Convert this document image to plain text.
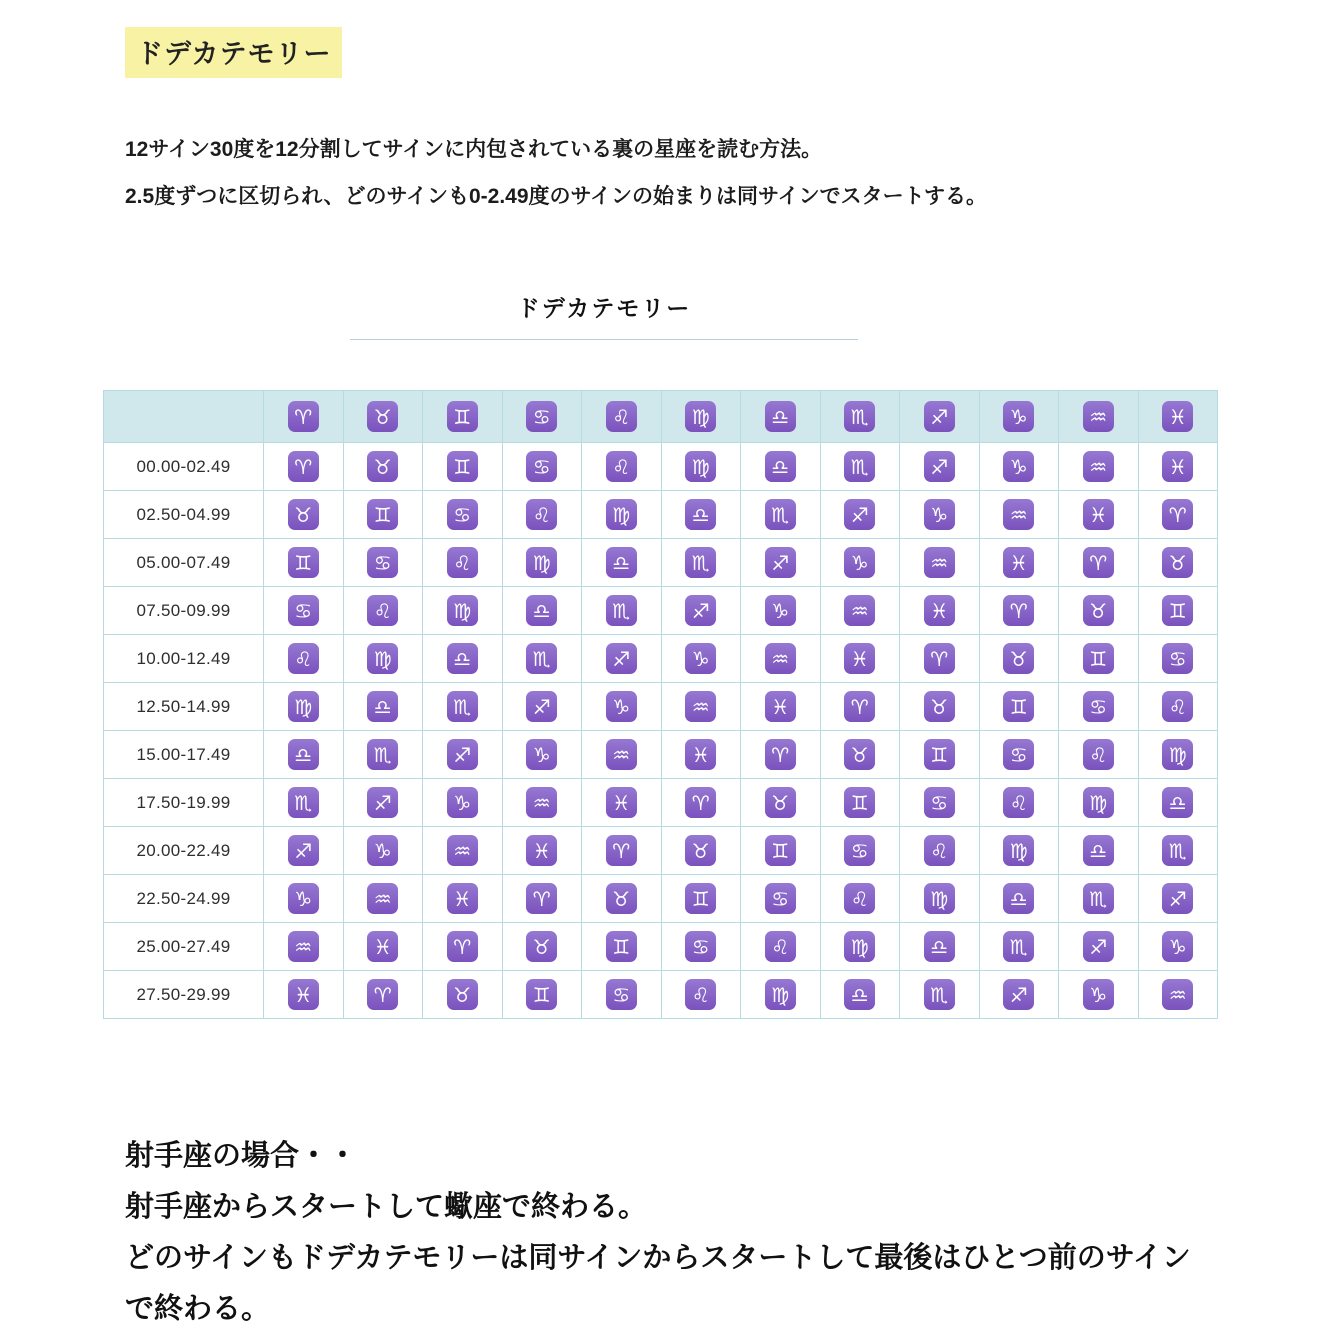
ドデカテモリー
12サイン30度を12分割してサインに内包されている裏の星座を読む方法。
2.5度ずつに区切られ、どのサインも0-2.49度のサインの始まりは同サインでスタートする。
ドデカテモリー
	♈	♉	♊	♋	♌	♍	♎	♏	♐	♑	♒	♓
00.00-02.49	♈	♉	♊	♋	♌	♍	♎	♏	♐	♑	♒	♓
02.50-04.99	♉	♊	♋	♌	♍	♎	♏	♐	♑	♒	♓	♈
05.00-07.49	♊	♋	♌	♍	♎	♏	♐	♑	♒	♓	♈	♉
07.50-09.99	♋	♌	♍	♎	♏	♐	♑	♒	♓	♈	♉	♊
10.00-12.49	♌	♍	♎	♏	♐	♑	♒	♓	♈	♉	♊	♋
12.50-14.99	♍	♎	♏	♐	♑	♒	♓	♈	♉	♊	♋	♌
15.00-17.49	♎	♏	♐	♑	♒	♓	♈	♉	♊	♋	♌	♍
17.50-19.99	♏	♐	♑	♒	♓	♈	♉	♊	♋	♌	♍	♎
20.00-22.49	♐	♑	♒	♓	♈	♉	♊	♋	♌	♍	♎	♏
22.50-24.99	♑	♒	♓	♈	♉	♊	♋	♌	♍	♎	♏	♐
25.00-27.49	♒	♓	♈	♉	♊	♋	♌	♍	♎	♏	♐	♑
27.50-29.99	♓	♈	♉	♊	♋	♌	♍	♎	♏	♐	♑	♒
射手座の場合・・
射手座からスタートして蠍座で終わる。
どのサインもドデカテモリーは同サインからスタートして最後はひとつ前のサイン
で終わる。
